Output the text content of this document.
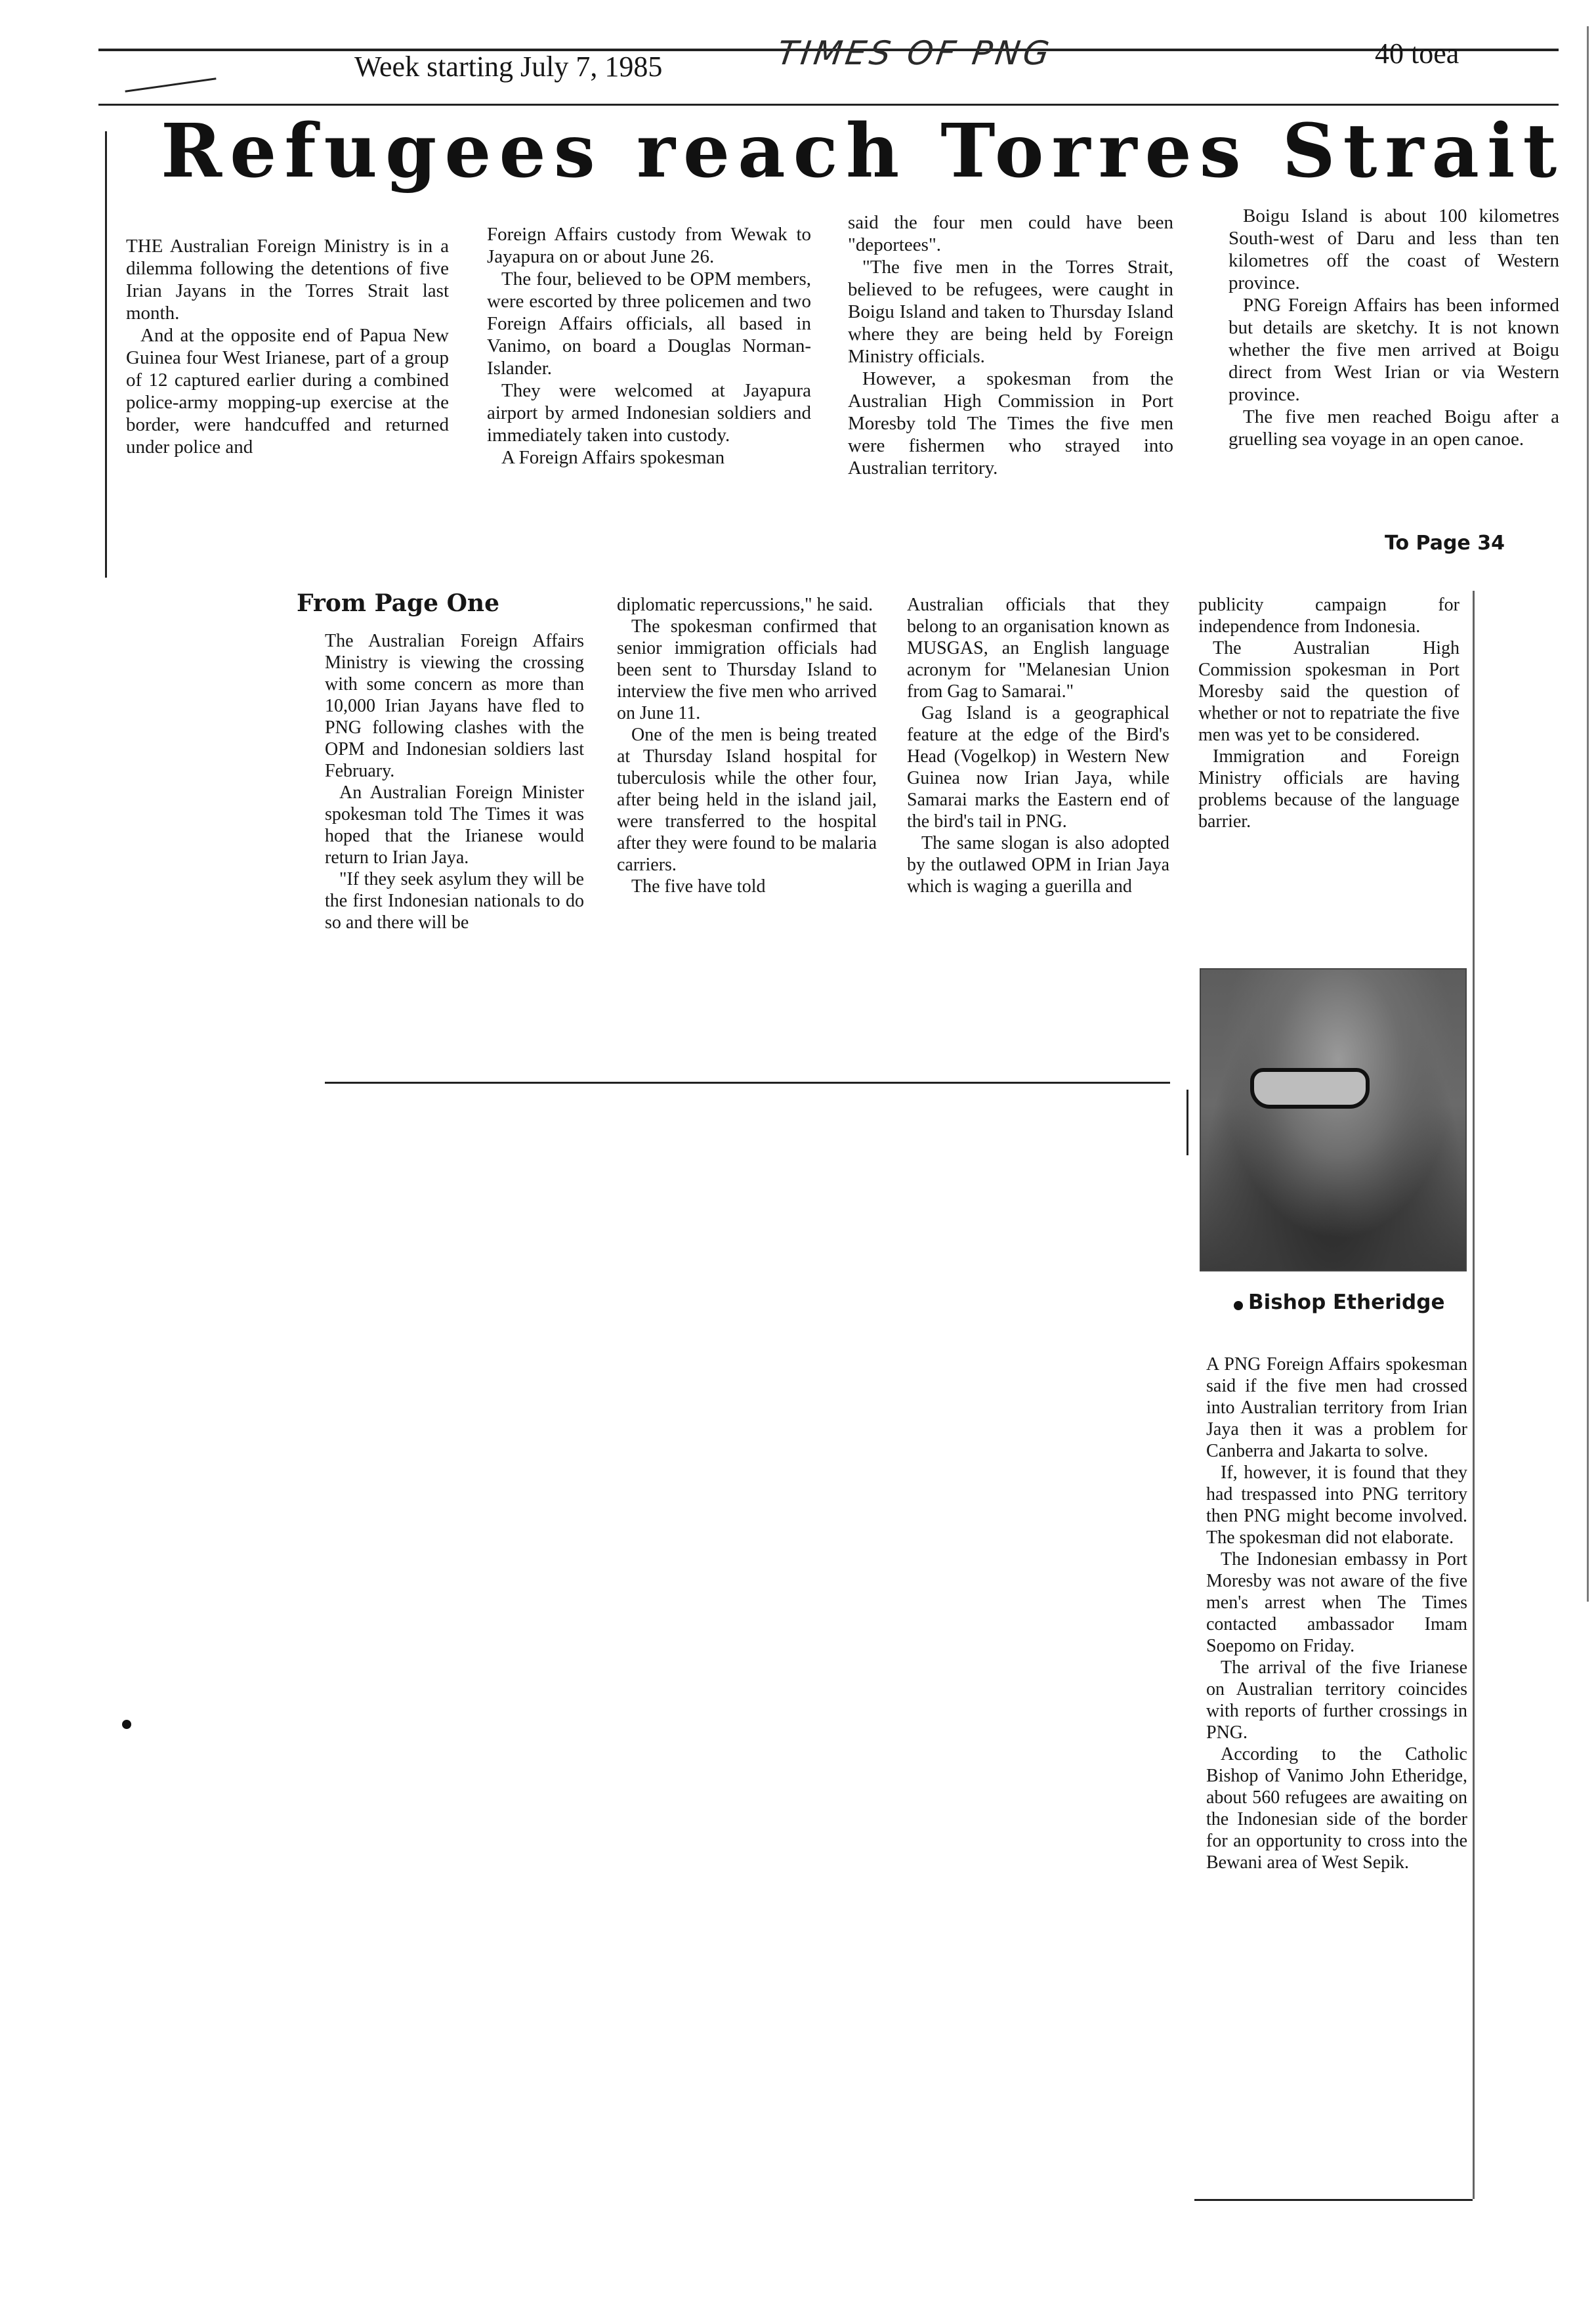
Week starting July 7, 1985	TIMES OF PNG	40 toea
Refugees reach Torres Strait

THE Australian Foreign Ministry is in a dilemma following the detentions of five Irian Jayans in the Torres Strait last month.

And at the opposite end of Papua New Guinea four West Irianese, part of a group of 12 captured earlier during a combined police-army mopping-up exercise at the border, were handcuffed and returned under police and

Foreign Affairs custody from Wewak to Jayapura on or about June 26.

The four, believed to be OPM members, were escorted by three policemen and two Foreign Affairs officials, all based in Vanimo, on board a Douglas Norman-Islander.

They were welcomed at Jayapura airport by armed Indonesian soldiers and immediately taken into custody.

A Foreign Affairs spokesman

said the four men could have been "deportees".

"The five men in the Torres Strait, believed to be refugees, were caught in Boigu Island and taken to Thursday Island where they are being held by Foreign Ministry officials.

However, a spokesman from the Australian High Commission in Port Moresby told The Times the five men were fishermen who strayed into Australian territory.

Boigu Island is about 100 kilometres South-west of Daru and less than ten kilometres off the coast of Western province.

PNG Foreign Affairs has been informed but details are sketchy. It is not known whether the five men arrived at Boigu direct from West Irian or via Western province.

The five men reached Boigu after a gruelling sea voyage in an open canoe.

To Page 34
From Page One

The Australian Foreign Affairs Ministry is viewing the crossing with some concern as more than 10,000 Irian Jayans have fled to PNG following clashes with the OPM and Indonesian soldiers last February.

An Australian Foreign Minister spokesman told The Times it was hoped that the Irianese would return to Irian Jaya.

"If they seek asylum they will be the first Indonesian nationals to do so and there will be

diplomatic repercussions," he said.

The spokesman confirmed that senior immigration officials had been sent to Thursday Island to interview the five men who arrived on June 11.

One of the men is being treated at Thursday Island hospital for tuberculosis while the other four, after being held in the island jail, were transferred to the hospital after they were found to be malaria carriers.

The five have told

Australian officials that they belong to an organisation known as MUSGAS, an English language acronym for "Melanesian Union from Gag to Samarai."

Gag Island is a geographical feature at the edge of the Bird's Head (Vogelkop) in Western New Guinea now Irian Jaya, while Samarai marks the Eastern end of the bird's tail in PNG.

The same slogan is also adopted by the outlawed OPM in Irian Jaya which is waging a guerilla and

publicity campaign for independence from Indonesia.

The Australian High Commission spokesman in Port Moresby said the question of whether or not to repatriate the five men was yet to be considered.

Immigration and Foreign Ministry officials are having problems because of the language barrier.

Bishop Etheridge

A PNG Foreign Affairs spokesman said if the five men had crossed into Australian territory from Irian Jaya then it was a problem for Canberra and Jakarta to solve.

If, however, it is found that they had trespassed into PNG territory then PNG might become involved. The spokesman did not elaborate.

The Indonesian embassy in Port Moresby was not aware of the five men's arrest when The Times contacted ambassador Imam Soepomo on Friday.

The arrival of the five Irianese on Australian territory coincides with reports of further crossings in PNG.

According to the Catholic Bishop of Vanimo John Etheridge, about 560 refugees are awaiting on the Indonesian side of the border for an opportunity to cross into the Bewani area of West Sepik.
